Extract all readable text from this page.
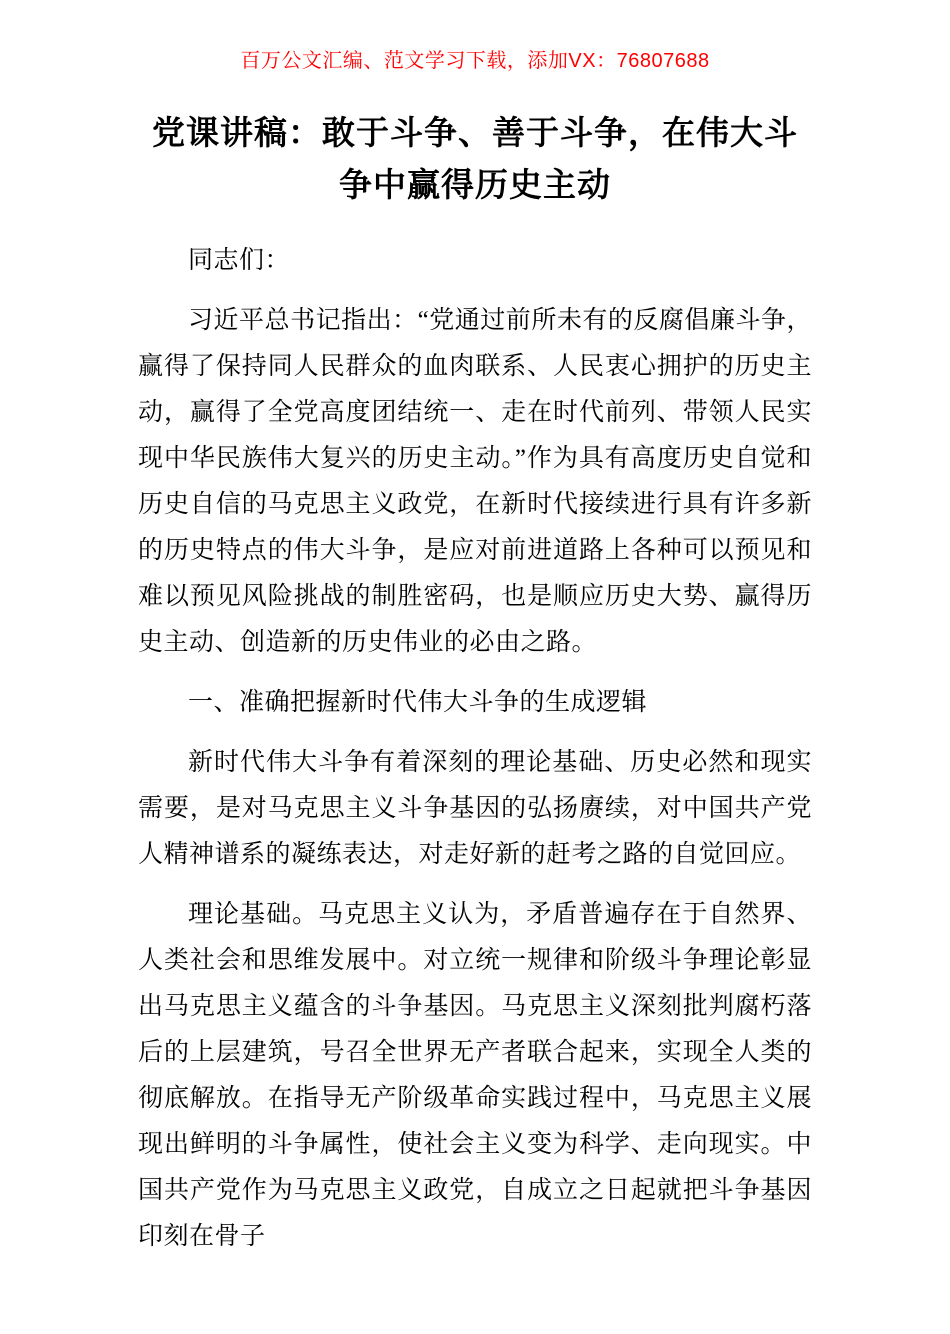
百万公文汇编、范文学习下载，添加VX：76807688
党课讲稿：敢于斗争、善于斗争，在伟大斗争中赢得历史主动

同志们：

习近平总书记指出：“党通过前所未有的反腐倡廉斗争，赢得了保持同人民群众的血肉联系、人民衷心拥护的历史主动，赢得了全党高度团结统一、走在时代前列、带领人民实现中华民族伟大复兴的历史主动。”作为具有高度历史自觉和历史自信的马克思主义政党，在新时代接续进行具有许多新的历史特点的伟大斗争，是应对前进道路上各种可以预见和难以预见风险挑战的制胜密码，也是顺应历史大势、赢得历史主动、创造新的历史伟业的必由之路。

一、准确把握新时代伟大斗争的生成逻辑

新时代伟大斗争有着深刻的理论基础、历史必然和现实需要，是对马克思主义斗争基因的弘扬赓续，对中国共产党人精神谱系的凝练表达，对走好新的赶考之路的自觉回应。

理论基础。马克思主义认为，矛盾普遍存在于自然界、人类社会和思维发展中。对立统一规律和阶级斗争理论彰显出马克思主义蕴含的斗争基因。马克思主义深刻批判腐朽落后的上层建筑，号召全世界无产者联合起来，实现全人类的彻底解放。在指导无产阶级革命实践过程中，马克思主义展现出鲜明的斗争属性，使社会主义变为科学、走向现实。中国共产党作为马克思主义政党，自成立之日起就把斗争基因印刻在骨子
